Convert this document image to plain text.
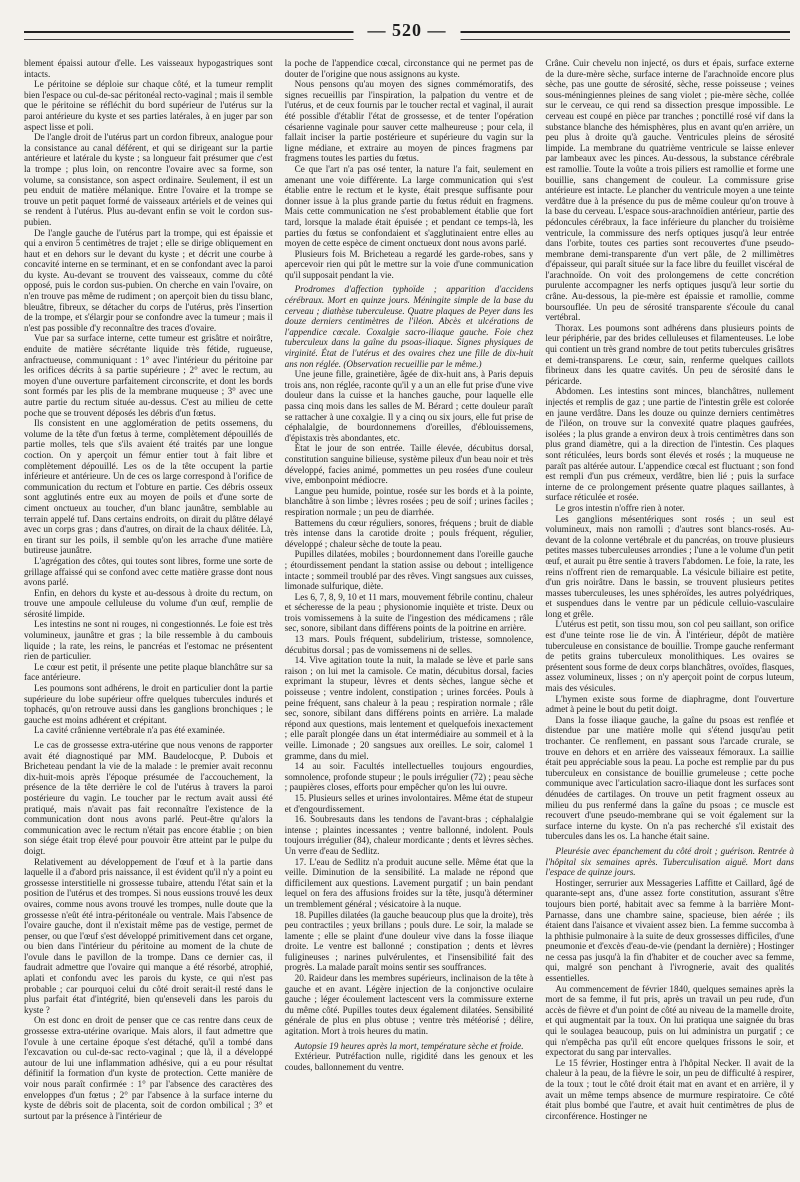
— 520 —

blement épaissi autour d'elle. Les vaisseaux hypogastriques sont intacts.

Le péritoine se déploie sur chaque côté, et la tumeur remplit bien l'espace ou cul-de-sac péritonéal recto-vaginal ; mais il semble que le péritoine se réfléchit du bord supérieur de l'utérus sur la paroi antérieure du kyste et ses parties latérales, à en juger par son aspect lisse et poli.

De l'angle droit de l'utérus part un cordon fibreux, analogue pour la consistance au canal déférent, et qui se dirigeant sur la partie antérieure et latérale du kyste ; sa longueur fait présumer que c'est la trompe ; plus loin, on rencontre l'ovaire avec sa forme, son volume, sa consistance, son aspect ordinaire. Seulement, il est un peu enduit de matière mélanique. Entre l'ovaire et la trompe se trouve un petit paquet formé de vaisseaux artériels et de veines qui se rendent à l'utérus. Plus au-devant enfin se voit le cordon sus-pubien.

De l'angle gauche de l'utérus part la trompe, qui est épaissie et qui a environ 5 centimètres de trajet ; elle se dirige obliquement en haut et en dehors sur le devant du kyste ; et décrit une courbe à concavité interne en se terminant, et en se confondant avec la paroi du kyste. Au-devant se trouvent des vaisseaux, comme du côté opposé, puis le cordon sus-pubien. On cherche en vain l'ovaire, on n'en trouve pas même de rudiment ; on aperçoit bien du tissu blanc, bleuâtre, fibreux, se détacher du corps de l'utérus, près l'insertion de la trompe, et s'élargir pour se confondre avec la tumeur ; mais il n'est pas possible d'y reconnaître des traces d'ovaire.

Vue par sa surface interne, cette tumeur est grisâtre et noirâtre, enduite de matière sécrétante liquide très fétide, rugueuse, anfractueuse, communiquant : 1° avec l'intérieur du péritoine par les orifices décrits à sa partie supérieure ; 2° avec le rectum, au moyen d'une ouverture parfaitement circonscrite, et dont les bords sont formés par les plis de la membrane muqueuse ; 3° avec une autre partie du rectum située au-dessus. C'est au milieu de cette poche que se trouvent déposés les débris d'un fœtus.

Ils consistent en une agglomération de petits ossemens, du volume de la tête d'un fœtus à terme, complètement dépouillés de partie molles, tels que s'ils avaient été traités par une longue coction. On y aperçoit un fémur entier tout à fait libre et complètement dépouillé. Les os de la tête occupent la partie inférieure et antérieure. Un de ces os large correspond à l'orifice de communication du rectum et l'obture en partie. Ces débris osseux sont agglutinés entre eux au moyen de poils et d'une sorte de ciment onctueux au toucher, d'un blanc jaunâtre, semblable au terrain appelé tuf. Dans certains endroits, on dirait du plâtre délayé avec un corps gras ; dans d'autres, on dirait de la chaux délitée. Là, en tirant sur les poils, il semble qu'on les arrache d'une matière butireuse jaunâtre.

L'agrégation des côtes, qui toutes sont libres, forme une sorte de grillage affaissé qui se confond avec cette matière grasse dont nous avons parlé.

Enfin, en dehors du kyste et au-dessous à droite du rectum, on trouve une ampoule celluleuse du volume d'un œuf, remplie de sérosité limpide.

Les intestins ne sont ni rouges, ni congestionnés. Le foie est très volumineux, jaunâtre et gras ; la bile ressemble à du cambouis liquide ; la rate, les reins, le pancréas et l'estomac ne présentent rien de particulier.

Le cœur est petit, il présente une petite plaque blanchâtre sur sa face antérieure.

Les poumons sont adhérens, le droit en particulier dont la partie supérieure du lobe supérieur offre quelques tubercules indurés et tophacés, qu'on retrouve aussi dans les ganglions bronchiques ; le gauche est moins adhérent et crépitant.

La cavité crânienne vertébrale n'a pas été examinée.

Le cas de grossesse extra-utérine que nous venons de rapporter avait été diagnostiqué par MM. Baudelocque, P. Dubois et Bricheteau pendant la vie de la malade : le premier avait reconnu dix-huit-mois après l'époque présumée de l'accouchement, la présence de la tête derrière le col de l'utérus à travers la paroi postérieure du vagin. Le toucher par le rectum avait aussi été pratiqué, mais n'avait pas fait reconnaître l'existence de la communication dont nous avons parlé. Peut-être qu'alors la communication avec le rectum n'était pas encore établie ; on bien son siége était trop élevé pour pouvoir être atteint par le pulpe du doigt.

Relativement au développement de l'œuf et à la partie dans laquelle il a d'abord pris naissance, il est évident qu'il n'y a point eu grossesse interstitielle ni grossesse tubaire, attendu l'état sain et la position de l'utérus et des trompes. Si nous eussions trouvé les deux ovaires, comme nous avons trouvé les trompes, nulle doute que la grossesse n'eût été intra-péritonéale ou ventrale. Mais l'absence de l'ovaire gauche, dont il n'existait même pas de vestige, permet de penser, ou que l'œuf s'est développé primitivement dans cet organe, ou bien dans l'intérieur du péritoine au moment de la chute de l'ovule dans le pavillon de la trompe. Dans ce dernier cas, il faudrait admettre que l'ovaire qui manque a été résorbé, atrophié, aplati et confondu avec les parois du kyste, ce qui n'est pas probable ; car pourquoi celui du côté droit serait-il resté dans le plus parfait état d'intégrité, bien qu'enseveli dans les parois du kyste ?

On est donc en droit de penser que ce cas rentre dans ceux de grossesse extra-utérine ovarique. Mais alors, il faut admettre que l'ovule à une certaine époque s'est détaché, qu'il a tombé dans l'excavation ou cul-de-sac recto-vaginal ; que là, il a développé autour de lui une inflammation adhésive, qui a eu pour résultat définitif la formation d'un kyste de protection. Cette manière de voir nous paraît confirmée : 1° par l'absence des caractères des enveloppes d'un fœtus ; 2° par l'absence à la surface interne du kyste de débris soit de placenta, soit de cordon ombilical ; 3° et surtout par la présence à l'intérieur de

la poche de l'appendice cœcal, circonstance qui ne permet pas de douter de l'origine que nous assignons au kyste.

Nous pensons qu'au moyen des signes commémoratifs, des signes recueillis par l'inspiration, la palpation du ventre et de l'utérus, et de ceux fournis par le toucher rectal et vaginal, il aurait été possible d'établir l'état de grossesse, et de tenter l'opération césarienne vaginale pour sauver cette malheureuse ; pour cela, il fallait inciser la partie postérieure et supérieure du vagin sur la ligne médiane, et extraire au moyen de pinces fragmens par fragmens toutes les parties du fœtus.

Ce que l'art n'a pas osé tenter, la nature l'a fait, seulement en amenant une voie différente. La large communication qui s'est établie entre le rectum et le kyste, était presque suffisante pour donner issue à la plus grande partie du fœtus réduit en fragmens. Mais cette communication ne s'est probablement établie que fort tard, lorsque la malade était épuisée ; et pendant ce temps-là, les parties du fœtus se confondaient et s'agglutinaient entre elles au moyen de cette espèce de ciment onctueux dont nous avons parlé.

Plusieurs fois M. Bricheteau a regardé les garde-robes, sans y apercevoir rien qui pût le mettre sur la voie d'une communication qu'il supposait pendant la vie.

Prodromes d'affection typhoïde ; apparition d'accidens cérébraux. Mort en quinze jours. Méningite simple de la base du cerveau ; diathèse tuberculeuse. Quatre plaques de Peyer dans les douze derniers centimètres de l'iléon. Abcès et ulcérations de l'appendice cœcale. Coxalgie sacro-iliaque gauche. Foie chez tuberculeux dans la gaîne du psoas-iliaque. Signes physiques de virginité. État de l'utérus et des ovaires chez une fille de dix-huit ans non réglée. (Observation recueillie par le même.)

Une jeune fille, grainetière, âgée de dix-huit ans, à Paris depuis trois ans, non réglée, raconte qu'il y a un an elle fut prise d'une vive douleur dans la cuisse et la hanches gauche, pour laquelle elle passa cinq mois dans les salles de M. Bérard ; cette douleur paraît se rattacher à une coxalgie. Il y a cinq ou six jours, elle fut prise de céphalalgie, de bourdonnemens d'oreilles, d'éblouissemens, d'épistaxis très abondantes, etc.

État le jour de son entrée. Taille élevée, décubitus dorsal, constitution sanguine bilieuse, système pileux d'un beau noir et très développé, facies animé, pommettes un peu rosées d'une couleur vive, embonpoint médiocre.

Langue peu humide, pointue, rosée sur les bords et à la pointe, blanchâtre à son limbe ; lèvres rosées ; peu de soif ; urines faciles ; respiration normale ; un peu de diarrhée.

Battemens du cœur réguliers, sonores, fréquens ; bruit de diable très intense dans la carotide droite ; pouls fréquent, régulier, développé ; chaleur sèche de toute la peau.

Pupilles dilatées, mobiles ; bourdonnement dans l'oreille gauche ; étourdissement pendant la station assise ou debout ; intelligence intacte ; sommeil troublé par des rêves. Vingt sangsues aux cuisses, limonade sulfurique, diète.

Les 6, 7, 8, 9, 10 et 11 mars, mouvement fébrile continu, chaleur et sécheresse de la peau ; physionomie inquiète et triste. Deux ou trois vomissemens à la suite de l'ingestion des médicamens ; râle sec, sonore, sibilant dans différens points de la poitrine en arrière.

13 mars. Pouls fréquent, subdelirium, tristesse, somnolence, décubitus dorsal ; pas de vomissemens ni de selles.

14. Vive agitation toute la nuit, la malade se lève et parle sans raison ; on lui met la camisole. Ce matin, décubitus dorsal, facies exprimant la stupeur, lèvres et dents sèches, langue sèche et poisseuse ; ventre indolent, constipation ; urines forcées. Pouls à peine fréquent, sans chaleur à la peau ; respiration normale ; râle sec, sonore, sibilant dans différens points en arrière. La malade répond aux questions, mais lentement et quelquefois inexactement ; elle paraît plongée dans un état intermédiaire au sommeil et à la veille. Limonade ; 20 sangsues aux oreilles. Le soir, calomel 1 gramme, dans du miel.

14 au soir. Facultés intellectuelles toujours engourdies, somnolence, profonde stupeur ; le pouls irrégulier (72) ; peau sèche ; paupières closes, efforts pour empêcher qu'on les lui ouvre.

15. Plusieurs selles et urines involontaires. Même état de stupeur et d'engourdissement.

16. Soubresauts dans les tendons de l'avant-bras ; céphalalgie intense ; plaintes incessantes ; ventre ballonné, indolent. Pouls toujours irrégulier (84), chaleur mordicante ; dents et lèvres sèches. Un verre d'eau de Sedlitz.

17. L'eau de Sedlitz n'a produit aucune selle. Même état que la veille. Diminution de la sensibilité. La malade ne répond que difficilement aux questions. Lavement purgatif ; un bain pendant lequel on fera des affusions froides sur la tête, jusqu'à déterminer un tremblement général ; vésicatoire à la nuque.

18. Pupilles dilatées (la gauche beaucoup plus que la droite), très peu contractiles ; yeux brillans ; pouls dure. Le soir, la malade se lamente ; elle se plaint d'une douleur vive dans la fosse iliaque droite. Le ventre est ballonné ; constipation ; dents et lèvres fuligineuses ; narines pulvérulentes, et l'insensibilité fait des progrès. La malade paraît moins sentir ses souffrances.

20. Raideur dans les membres supérieurs, inclinaison de la tête à gauche et en avant. Légère injection de la conjonctive oculaire gauche ; léger écoulement lactescent vers la commissure externe du même côté. Pupilles toutes deux également dilatées. Sensibilité générale de plus en plus obtuse ; ventre très météorisé ; délire, agitation. Mort à trois heures du matin.

Autopsie 19 heures après la mort, température sèche et froide.

Extérieur. Putréfaction nulle, rigidité dans les genoux et les coudes, ballonnement du ventre.

Crâne. Cuir chevelu non injecté, os durs et épais, surface externe de la dure-mère sèche, surface interne de l'arachnoïde encore plus sèche, pas une goutte de sérosité, sèche, resse poisseuse ; veines sous-méningiennes pleines de sang violet ; pie-mère sèche, collée sur le cerveau, ce qui rend sa dissection presque impossible. Le cerveau est coupé en pièce par tranches ; ponctillé rosé vif dans la substance blanche des hémisphères, plus en avant qu'en arrière, un peu plus à droite qu'à gauche. Ventricules pleins de sérosité limpide. La membrane du quatrième ventricule se laisse enlever par lambeaux avec les pinces. Au-dessous, la substance cérébrale est ramollie. Toute la voûte a trois piliers est ramollie et forme une bouillie, sans changement de couleur. La commissure grise antérieure est intacte. Le plancher du ventricule moyen a une teinte verdâtre due à la présence du pus de même couleur qu'on trouve à la base du cerveau. L'espace sous-arachnoïdien antérieur, partie des pédoncules cérébraux, la face inférieure du plancher du troisième ventricule, la commissure des nerfs optiques jusqu'à leur entrée dans l'orbite, toutes ces parties sont recouvertes d'une pseudo-membrane demi-transparente d'un vert pâle, de 2 millimètres d'épaisseur, qui paraît située sur la face libre du feuillet viscéral de l'arachnoïde. On voit des prolongemens de cette concrétion purulente accompagner les nerfs optiques jusqu'à leur sortie du crâne. Au-dessous, la pie-mère est épaissie et ramollie, comme boursouflée. Un peu de sérosité transparente s'écoule du canal vertébral.

Thorax. Les poumons sont adhérens dans plusieurs points de leur périphérie, par des brides celluleuses et filamenteuses. Le lobe qui contient un très grand nombre de tout petits tubercules grisâtres et demi-transparens. Le cœur, sain, renferme quelques caillots fibrineux dans les quatre cavités. Un peu de sérosité dans le péricarde.

Abdomen. Les intestins sont minces, blanchâtres, nullement injectés et remplis de gaz ; une partie de l'intestin grêle est colorée en jaune verdâtre. Dans les douze ou quinze derniers centimètres de l'iléon, on trouve sur la convexité quatre plaques gaufrées, isolées ; la plus grande a environ deux à trois centimètres dans son plus grand diamètre, qui a la direction de l'intestin. Ces plaques sont réticulées, leurs bords sont élevés et rosés ; la muqueuse ne paraît pas altérée autour. L'appendice cœcal est fluctuant ; son fond est rempli d'un pus crémeux, verdâtre, bien lié ; puis la surface interne de ce prolongement présente quatre plaques saillantes, à surface réticulée et rosée.

Le gros intestin n'offre rien à noter.

Les ganglions mésentériques sont rosés ; un seul est volumineux, mais non ramolli ; d'autres sont blancs-rosés. Au-devant de la colonne vertébrale et du pancréas, on trouve plusieurs petites masses tuberculeuses arrondies ; l'une a le volume d'un petit œuf, et aurait pu être sentie à travers l'abdomen. Le foie, la rate, les reins n'offrent rien de remarquable. La vésicule biliaire est petite, d'un gris noirâtre. Dans le bassin, se trouvent plusieurs petites masses tuberculeuses, les unes sphéroïdes, les autres polyédriques, et suspendues dans le ventre par un pédicule celluio-vasculaire long et grêle.

L'utérus est petit, son tissu mou, son col peu saillant, son orifice est d'une teinte rose lie de vin. À l'intérieur, dépôt de matière tuberculeuse en consistance de bouillie. Trompe gauche renfermant de petits grains tuberculeux monolithiques. Les ovaires se présentent sous forme de deux corps blanchâtres, ovoïdes, flasques, assez volumineux, lisses ; on n'y aperçoit point de corpus luteum, mais des vésicules.

L'hymen existe sous forme de diaphragme, dont l'ouverture admet à peine le bout du petit doigt.

Dans la fosse iliaque gauche, la gaîne du psoas est renflée et distendue par une matière molle qui s'étend jusqu'au petit trochanter. Ce renflement, en passant sous l'arcade crurale, se trouve en dehors et en arrière des vaisseaux fémoraux. La saillie était peu appréciable sous la peau. La poche est remplie par du pus tuberculeux en consistance de bouillie grumeleuse ; cette poche communique avec l'articulation sacro-iliaque dont les surfaces sont dénudées de cartilages. On trouve un petit fragment osseux au milieu du pus renfermé dans la gaîne du psoas ; ce muscle est recouvert d'une pseudo-membrane qui se voit également sur la surface interne du kyste. On n'a pas recherché s'il existait des tubercules dans les os. La hanche était saine.

Pleurésie avec épanchement du côté droit ; guérison. Rentrée à l'hôpital six semaines après. Tuberculisation aiguë. Mort dans l'espace de quinze jours.

Hostinger, serrurier aux Messageries Laffitte et Caillard, âgé de quarante-sept ans, d'une assez forte constitution, assurant s'être toujours bien porté, habitait avec sa femme à la barrière Mont-Parnasse, dans une chambre saine, spacieuse, bien aérée ; ils étaient dans l'aisance et vivaient assez bien. La femme succomba à la phthisie pulmonaire à la suite de deux grossesses difficiles, d'une pneumonie et d'excès d'eau-de-vie (pendant la dernière) ; Hostinger ne cessa pas jusqu'à la fin d'habiter et de coucher avec sa femme, qui, malgré son penchant à l'ivrognerie, avait des qualités essentielles.

Au commencement de février 1840, quelques semaines après la mort de sa femme, il fut pris, après un travail un peu rude, d'un accès de fièvre et d'un point de côté au niveau de la mamelle droite, et qui augmentait par la toux. On lui pratiqua une saignée du bras qui le soulagea beaucoup, puis on lui administra un purgatif ; ce qui n'empêcha pas qu'il eût encore quelques frissons le soir, et expectorat du sang par intervalles.

Le 15 février, Hostinger entra à l'hôpital Necker. Il avait de la chaleur à la peau, de la fièvre le soir, un peu de difficulté à respirer, de la toux ; tout le côté droit était mat en avant et en arrière, il y avait un même temps absence de murmure respiratoire. Ce côté était plus bombé que l'autre, et avait huit centimètres de plus de circonférence. Hostinger ne
